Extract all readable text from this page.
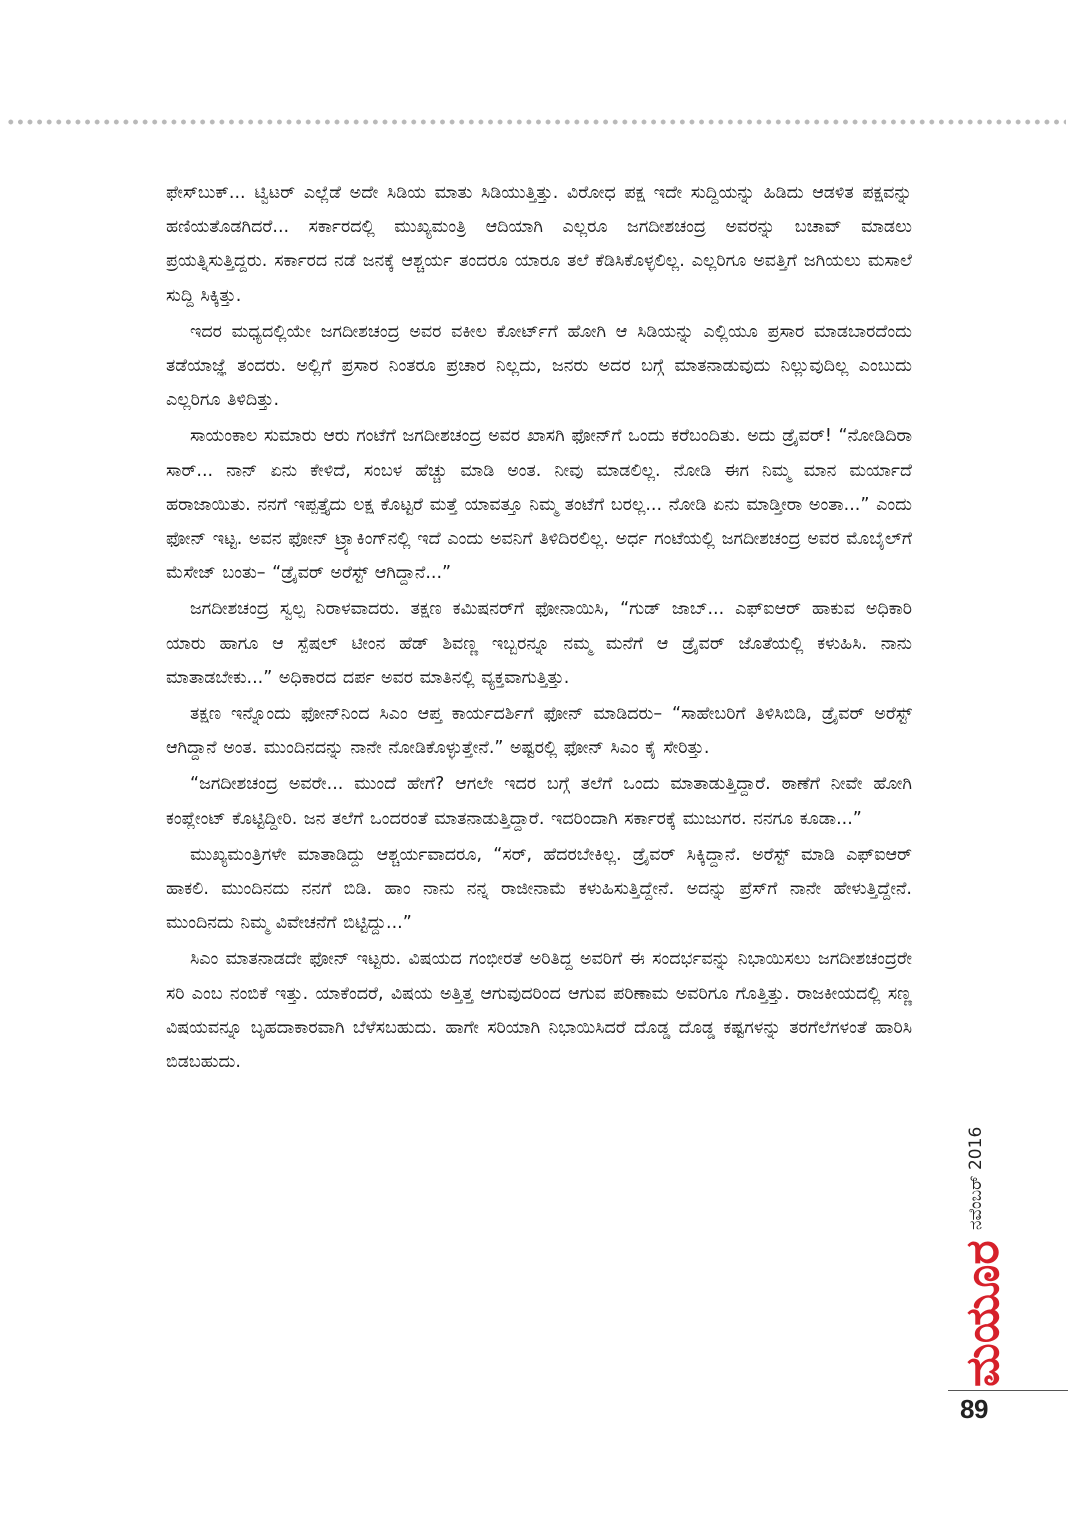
ಫೇಸ್‌ಬುಕ್... ಟ್ವಿಟರ್ ಎಲ್ಲೆಡೆ ಅದೇ ಸಿಡಿಯ ಮಾತು ಸಿಡಿಯುತ್ತಿತ್ತು. ವಿರೋಧ ಪಕ್ಷ ಇದೇ ಸುದ್ದಿಯನ್ನು ಹಿಡಿದು ಆಡಳಿತ ಪಕ್ಷವನ್ನು ಹಣಿಯತೊಡಗಿದರೆ... ಸರ್ಕಾರದಲ್ಲಿ ಮುಖ್ಯಮಂತ್ರಿ ಆದಿಯಾಗಿ ಎಲ್ಲರೂ ಜಗದೀಶಚಂದ್ರ ಅವರನ್ನು ಬಚಾವ್ ಮಾಡಲು ಪ್ರಯತ್ನಿಸುತ್ತಿದ್ದರು. ಸರ್ಕಾರದ ನಡೆ ಜನಕ್ಕೆ ಆಶ್ಚರ್ಯ ತಂದರೂ ಯಾರೂ ತಲೆ ಕೆಡಿಸಿಕೊಳ್ಳಲಿಲ್ಲ. ಎಲ್ಲರಿಗೂ ಅವತ್ತಿಗೆ ಜಗಿಯಲು ಮಸಾಲೆ ಸುದ್ದಿ ಸಿಕ್ಕಿತ್ತು.

ಇದರ ಮಧ್ಯದಲ್ಲಿಯೇ ಜಗದೀಶಚಂದ್ರ ಅವರ ವಕೀಲ ಕೋರ್ಟ್‌ಗೆ ಹೋಗಿ ಆ ಸಿಡಿಯನ್ನು ಎಲ್ಲಿಯೂ ಪ್ರಸಾರ ಮಾಡಬಾರದೆಂದು ತಡೆಯಾಜ್ಞೆ ತಂದರು. ಅಲ್ಲಿಗೆ ಪ್ರಸಾರ ನಿಂತರೂ ಪ್ರಚಾರ ನಿಲ್ಲದು, ಜನರು ಅದರ ಬಗ್ಗೆ ಮಾತನಾಡುವುದು ನಿಲ್ಲುವುದಿಲ್ಲ ಎಂಬುದು ಎಲ್ಲರಿಗೂ ತಿಳಿದಿತ್ತು.

ಸಾಯಂಕಾಲ ಸುಮಾರು ಆರು ಗಂಟೆಗೆ ಜಗದೀಶಚಂದ್ರ ಅವರ ಖಾಸಗಿ ಫೋನ್‌ಗೆ ಒಂದು ಕರೆಬಂದಿತು. ಅದು ಡ್ರೈವರ್! “ನೋಡಿದಿರಾ ಸಾರ್... ನಾನ್ ಏನು ಕೇಳಿದೆ, ಸಂಬಳ ಹೆಚ್ಚು ಮಾಡಿ ಅಂತ. ನೀವು ಮಾಡಲಿಲ್ಲ. ನೋಡಿ ಈಗ ನಿಮ್ಮ ಮಾನ ಮರ್ಯಾದೆ ಹರಾಜಾಯಿತು. ನನಗೆ ಇಪ್ಪತ್ತೈದು ಲಕ್ಷ ಕೊಟ್ಟರೆ ಮತ್ತೆ ಯಾವತ್ತೂ ನಿಮ್ಮ ತಂಟೆಗೆ ಬರಲ್ಲ... ನೋಡಿ ಏನು ಮಾಡ್ತೀರಾ ಅಂತಾ...” ಎಂದು ಫೋನ್ ಇಟ್ಟ. ಅವನ ಫೋನ್ ಟ್ರ್ಯಾಕಿಂಗ್‌ನಲ್ಲಿ ಇದೆ ಎಂದು ಅವನಿಗೆ ತಿಳಿದಿರಲಿಲ್ಲ. ಅರ್ಧ ಗಂಟೆಯಲ್ಲಿ ಜಗದೀಶಚಂದ್ರ ಅವರ ಮೊಬೈಲ್‌ಗೆ ಮೆಸೇಜ್ ಬಂತು– “ಡ್ರೈವರ್ ಅರೆಸ್ಟ್ ಆಗಿದ್ದಾನೆ...”

ಜಗದೀಶಚಂದ್ರ ಸ್ವಲ್ಪ ನಿರಾಳವಾದರು. ತಕ್ಷಣ ಕಮಿಷನರ್‌ಗೆ ಫೋನಾಯಿಸಿ, “ಗುಡ್ ಜಾಬ್... ಎಫ್‌ಐಆರ್ ಹಾಕುವ ಅಧಿಕಾರಿ ಯಾರು ಹಾಗೂ ಆ ಸ್ಪೆಷಲ್ ಟೀಂನ ಹೆಡ್ ಶಿವಣ್ಣ ಇಬ್ಬರನ್ನೂ ನಮ್ಮ ಮನೆಗೆ ಆ ಡ್ರೈವರ್ ಜೊತೆಯಲ್ಲಿ ಕಳುಹಿಸಿ. ನಾನು ಮಾತಾಡಬೇಕು...” ಅಧಿಕಾರದ ದರ್ಪ ಅವರ ಮಾತಿನಲ್ಲಿ ವ್ಯಕ್ತವಾಗುತ್ತಿತ್ತು.

ತಕ್ಷಣ ಇನ್ನೊಂದು ಫೋನ್‌ನಿಂದ ಸಿಎಂ ಆಪ್ತ ಕಾರ್ಯದರ್ಶಿಗೆ ಫೋನ್ ಮಾಡಿದರು– “ಸಾಹೇಬರಿಗೆ ತಿಳಿಸಿಬಿಡಿ, ಡ್ರೈವರ್ ಅರೆಸ್ಟ್ ಆಗಿದ್ದಾನೆ ಅಂತ. ಮುಂದಿನದನ್ನು ನಾನೇ ನೋಡಿಕೊಳ್ಳುತ್ತೇನೆ.” ಅಷ್ಟರಲ್ಲಿ ಫೋನ್ ಸಿಎಂ ಕೈ ಸೇರಿತ್ತು.

“ಜಗದೀಶಚಂದ್ರ ಅವರೇ... ಮುಂದೆ ಹೇಗೆ? ಆಗಲೇ ಇದರ ಬಗ್ಗೆ ತಲೆಗೆ ಒಂದು ಮಾತಾಡುತ್ತಿದ್ದಾರೆ. ಠಾಣೆಗೆ ನೀವೇ ಹೋಗಿ ಕಂಪ್ಲೇಂಟ್ ಕೊಟ್ಟಿದ್ದೀರಿ. ಜನ ತಲೆಗೆ ಒಂದರಂತೆ ಮಾತನಾಡುತ್ತಿದ್ದಾರೆ. ಇದರಿಂದಾಗಿ ಸರ್ಕಾರಕ್ಕೆ ಮುಜುಗರ. ನನಗೂ ಕೂಡಾ...”

ಮುಖ್ಯಮಂತ್ರಿಗಳೇ ಮಾತಾಡಿದ್ದು ಆಶ್ಚರ್ಯವಾದರೂ, “ಸರ್, ಹೆದರಬೇಕಿಲ್ಲ. ಡ್ರೈವರ್ ಸಿಕ್ಕಿದ್ದಾನೆ. ಅರೆಸ್ಟ್ ಮಾಡಿ ಎಫ್‌ಐಆರ್ ಹಾಕಲಿ. ಮುಂದಿನದು ನನಗೆ ಬಿಡಿ. ಹಾಂ ನಾನು ನನ್ನ ರಾಜೀನಾಮೆ ಕಳುಹಿಸುತ್ತಿದ್ದೇನೆ. ಅದನ್ನು ಪ್ರೆಸ್‌ಗೆ ನಾನೇ ಹೇಳುತ್ತಿದ್ದೇನೆ. ಮುಂದಿನದು ನಿಮ್ಮ ವಿವೇಚನೆಗೆ ಬಿಟ್ಟಿದ್ದು...”

ಸಿಎಂ ಮಾತನಾಡದೇ ಫೋನ್ ಇಟ್ಟರು. ವಿಷಯದ ಗಂಭೀರತೆ ಅರಿತಿದ್ದ ಅವರಿಗೆ ಈ ಸಂದರ್ಭವನ್ನು ನಿಭಾಯಿಸಲು ಜಗದೀಶಚಂದ್ರರೇ ಸರಿ ಎಂಬ ನಂಬಿಕೆ ಇತ್ತು. ಯಾಕೆಂದರೆ, ವಿಷಯ ಅತ್ತಿತ್ತ ಆಗುವುದರಿಂದ ಆಗುವ ಪರಿಣಾಮ ಅವರಿಗೂ ಗೊತ್ತಿತ್ತು. ರಾಜಕೀಯದಲ್ಲಿ ಸಣ್ಣ ವಿಷಯವನ್ನೂ ಬೃಹದಾಕಾರವಾಗಿ ಬೆಳೆಸಬಹುದು. ಹಾಗೇ ಸರಿಯಾಗಿ ನಿಭಾಯಿಸಿದರೆ ದೊಡ್ಡ ದೊಡ್ಡ ಕಷ್ಟಗಳನ್ನು ತರಗೆಲೆಗಳಂತೆ ಹಾರಿಸಿ ಬಿಡಬಹುದು.

ನವೆಂಬರ್ 2016
ಮಯೂರ
89
